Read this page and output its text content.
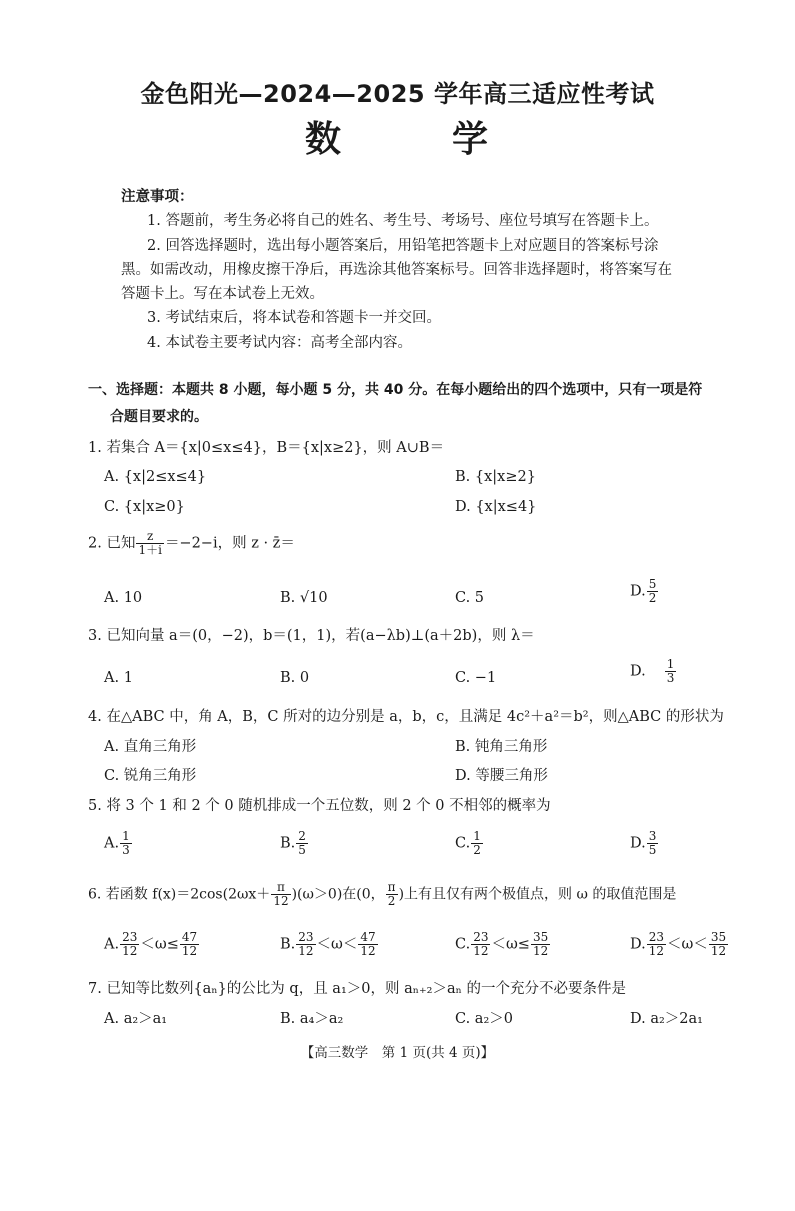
金色阳光—2024—2025 学年高三适应性考试
数	学
注意事项：
1. 答题前，考生务必将自己的姓名、考生号、考场号、座位号填写在答题卡上。
2. 回答选择题时，选出每小题答案后，用铅笔把答题卡上对应题目的答案标号涂
黑。如需改动，用橡皮擦干净后，再选涂其他答案标号。回答非选择题时，将答案写在
答题卡上。写在本试卷上无效。
3. 考试结束后，将本试卷和答题卡一并交回。
4. 本试卷主要考试内容：高考全部内容。
一、选择题：本题共 8 小题，每小题 5 分，共 40 分。在每小题给出的四个选项中，只有一项是符
合题目要求的。
1. 若集合 A＝{x|0≤x≤4}，B＝{x|x≥2}，则 A∪B＝
A. {x|2≤x≤4}	B. {x|x≥2}
C. {x|x≥0}	D. {x|x≤4}
2. 已知 $\frac{z}{1+i} =-2-i$，则 z · z̄＝
A. 10	B. √10	C. 5	D. $\frac{5}{2}$
3. 已知向量 a＝(0，−2)，b＝(1，1)，若(a−λb)⊥(a＋2b)，则 λ＝
A. 1	B. 0	C. −1	D. $\frac{1}{3}$
4. 在△ABC 中，角 A，B，C 所对的边分别是 a，b，c，且满足 4c²＋a²＝b²，则△ABC 的形状为
A. 直角三角形	B. 钝角三角形
C. 锐角三角形	D. 等腰三角形
5. 将 3 个 1 和 2 个 0 随机排成一个五位数，则 2 个 0 不相邻的概率为
A. $\frac{1}{3}$	B. $\frac{2}{5}$	C. $\frac{1}{2}$	D. $\frac{3}{5}$
6. 若函数 $f(x)=2\cos(2\omega x+ \frac{\pi}{12} )(\omega>0)$在(0， $\frac{\pi}{2}$ )上有且仅有两个极值点，则 ω 的取值范围是
A. $\frac{23}{12} <\omega\le \frac{47}{12}$	B. $\frac{23}{12} <\omega< \frac{47}{12}$	C. $\frac{23}{12} <\omega\le \frac{35}{12}$	D. $\frac{23}{12} <\omega< \frac{35}{12}$
7. 已知等比数列{aₙ}的公比为 q，且 a₁＞0，则 aₙ₊₂＞aₙ 的一个充分不必要条件是
A. a₂＞a₁	B. a₄＞a₂	C. a₂＞0	D. a₂＞2a₁
【高三数学　第 1 页(共 4 页)】
